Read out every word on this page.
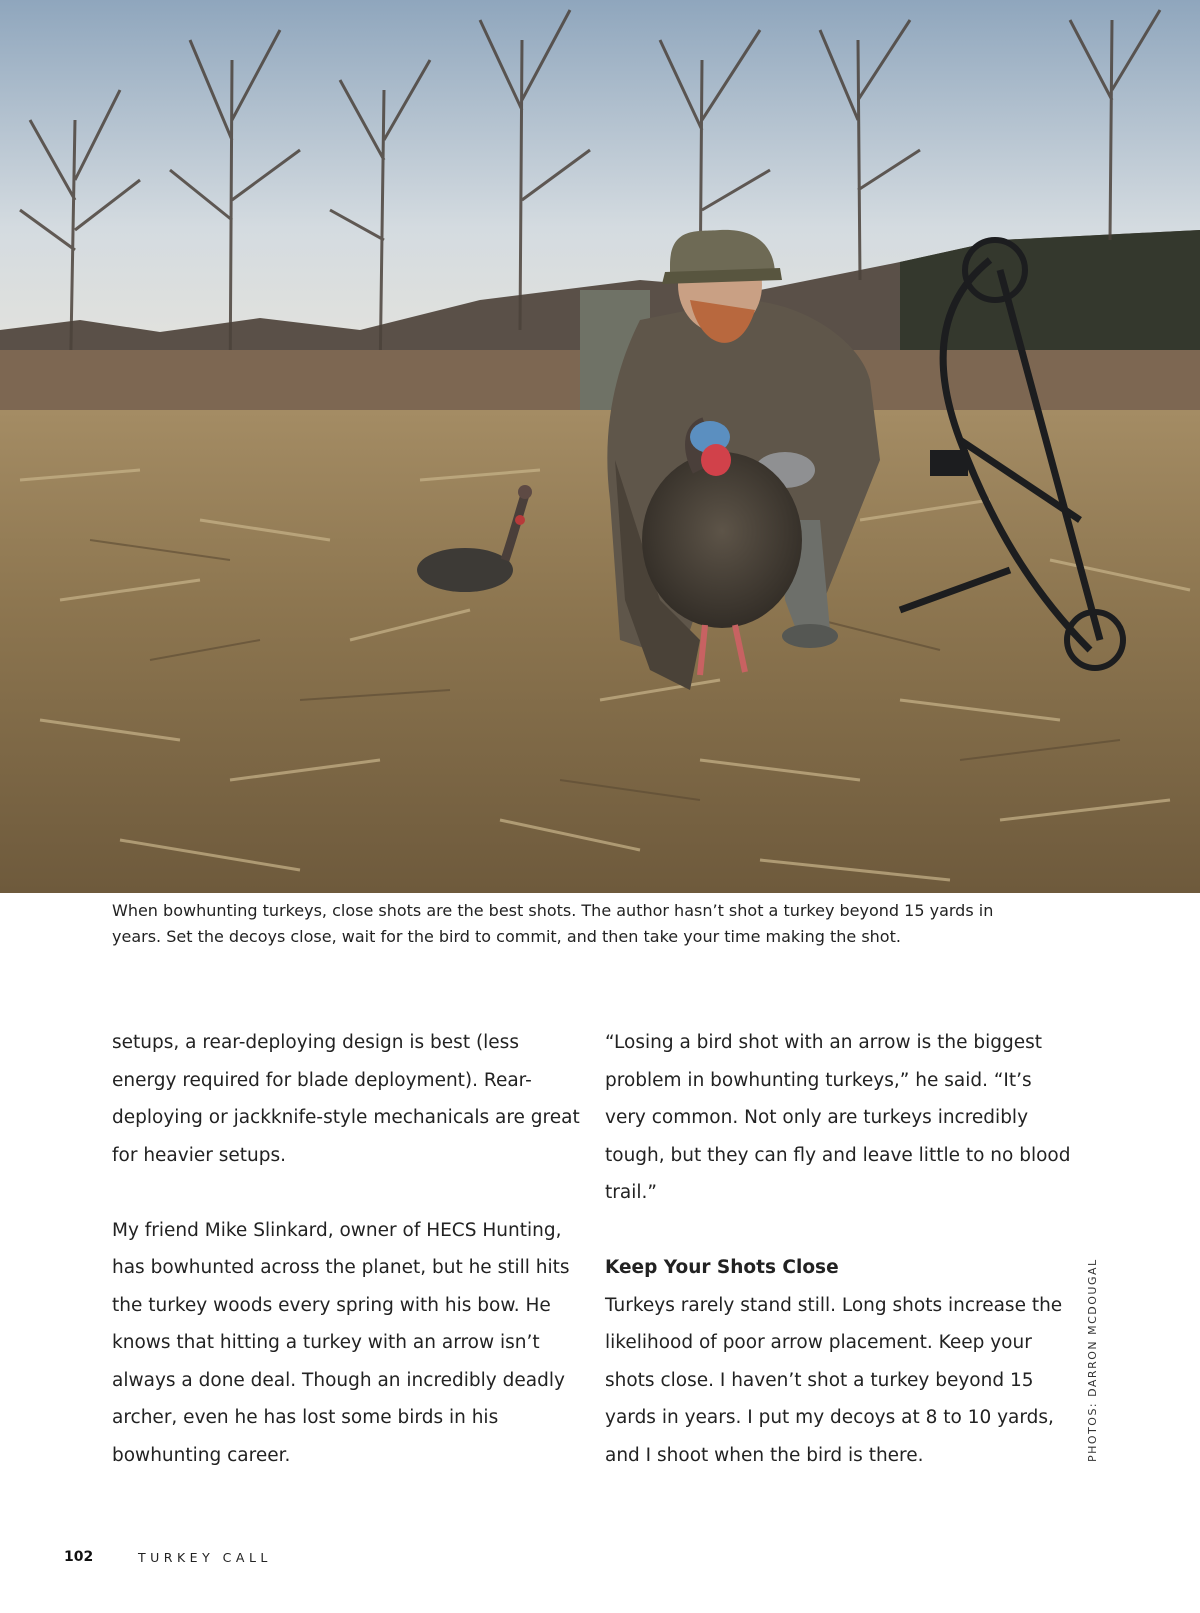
When bowhunting turkeys, close shots are the best shots. The author hasn’t shot a turkey beyond 15 yards in years. Set the decoys close, wait for the bird to commit, and then take your time making the shot.

setups, a rear-deploying design is best (less energy required for blade deployment). Rear-deploying or jackknife-style mechanicals are great for heavier setups.

My friend Mike Slinkard, owner of HECS Hunting, has bowhunted across the planet, but he still hits the turkey woods every spring with his bow. He knows that hitting a turkey with an arrow isn’t always a done deal. Though an incredibly deadly archer, even he has lost some birds in his bowhunting career.

“Losing a bird shot with an arrow is the biggest problem in bowhunting turkeys,” he said. “It’s very common. Not only are turkeys incredibly tough, but they can fly and leave little to no blood trail.”

Keep Your Shots Close

Turkeys rarely stand still. Long shots increase the likelihood of poor arrow placement. Keep your shots close. I haven’t shot a turkey beyond 15 yards in years. I put my decoys at 8 to 10 yards, and I shoot when the bird is there.	PHOTOS: DARRON MCDOUGAL
102	TURKEY CALL
